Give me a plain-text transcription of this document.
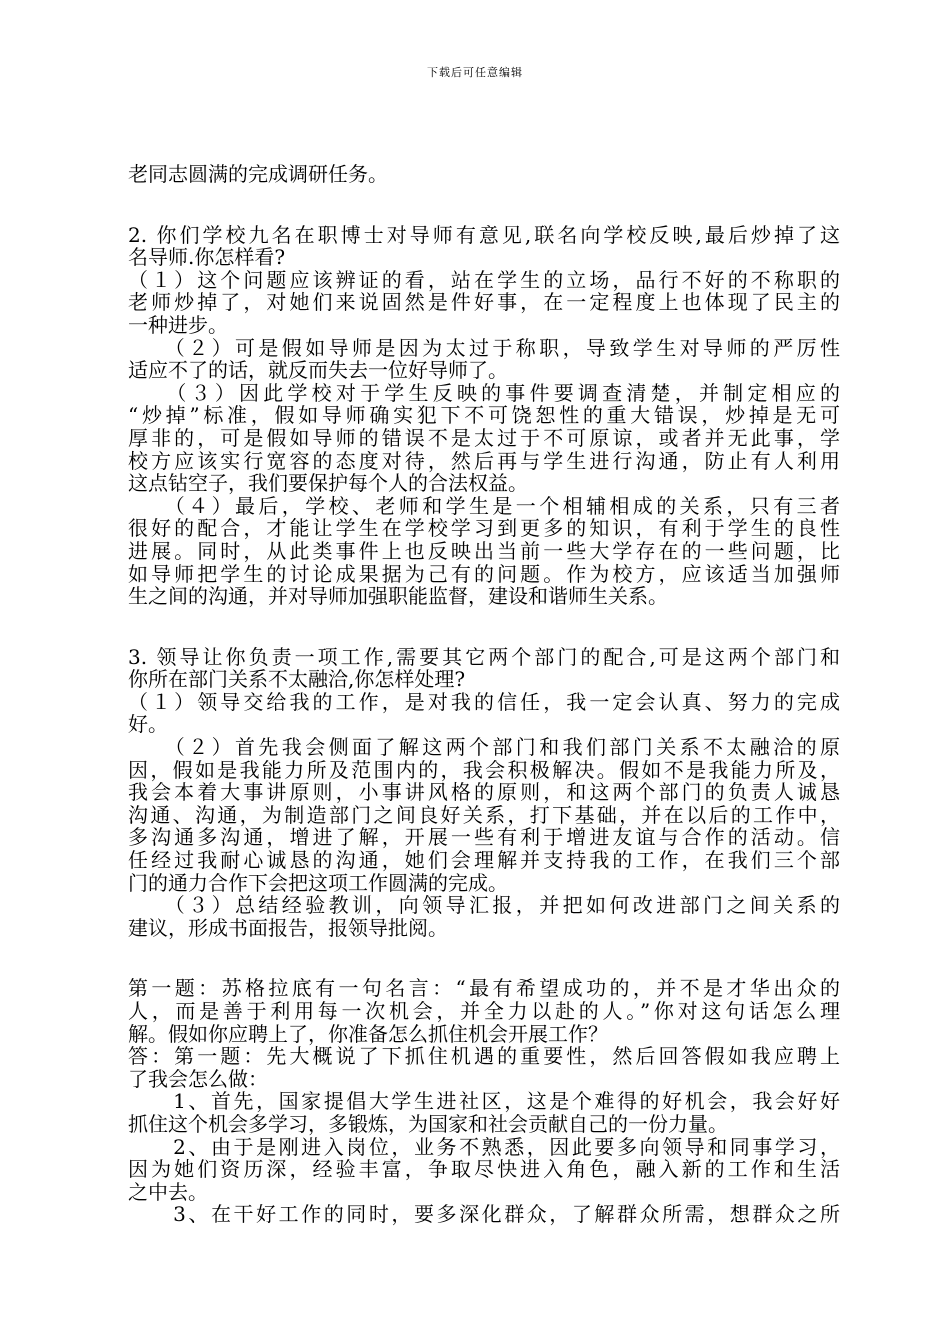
下载后可任意编辑
老同志圆满的完成调研任务。
2. 你们学校九名在职博士对导师有意见,联名向学校反映,最后炒掉了这
名导师.你怎样看?
（１）这个问题应该辨证的看，站在学生的立场，品行不好的不称职的
老师炒掉了，对她们来说固然是件好事，在一定程度上也体现了民主的
一种进步。
　　（２）可是假如导师是因为太过于称职，导致学生对导师的严厉性
适应不了的话，就反而失去一位好导师了。
　　（３）因此学校对于学生反映的事件要调查清楚，并制定相应的
“炒掉”标准，假如导师确实犯下不可饶恕性的重大错误，炒掉是无可
厚非的，可是假如导师的错误不是太过于不可原谅，或者并无此事，学
校方应该实行宽容的态度对待，然后再与学生进行沟通，防止有人利用
这点钻空子，我们要保护每个人的合法权益。
　　（４）最后，学校、老师和学生是一个相辅相成的关系，只有三者
很好的配合，才能让学生在学校学习到更多的知识，有利于学生的良性
进展。同时，从此类事件上也反映出当前一些大学存在的一些问题，比
如导师把学生的讨论成果据为己有的问题。作为校方，应该适当加强师
生之间的沟通，并对导师加强职能监督，建设和谐师生关系。
3. 领导让你负责一项工作,需要其它两个部门的配合,可是这两个部门和
你所在部门关系不太融洽,你怎样处理?
（１）领导交给我的工作，是对我的信任，我一定会认真、努力的完成
好。
　　（２）首先我会侧面了解这两个部门和我们部门关系不太融洽的原
因，假如是我能力所及范围内的，我会积极解决。假如不是我能力所及，
我会本着大事讲原则，小事讲风格的原则，和这两个部门的负责人诚恳
沟通、沟通，为制造部门之间良好关系，打下基础，并在以后的工作中，
多沟通多沟通，增进了解，开展一些有利于增进友谊与合作的活动。信
任经过我耐心诚恳的沟通，她们会理解并支持我的工作，在我们三个部
门的通力合作下会把这项工作圆满的完成。
　　（３）总结经验教训，向领导汇报，并把如何改进部门之间关系的
建议，形成书面报告，报领导批阅。
第一题：苏格拉底有一句名言：“最有希望成功的，并不是才华出众的
人，而是善于利用每一次机会，并全力以赴的人。”你对这句话怎么理
解。假如你应聘上了，你准备怎么抓住机会开展工作？
答：第一题：先大概说了下抓住机遇的重要性，然后回答假如我应聘上
了我会怎么做：
　　1、首先，国家提倡大学生进社区，这是个难得的好机会，我会好好
抓住这个机会多学习，多锻炼，为国家和社会贡献自己的一份力量。
　　2、由于是刚进入岗位，业务不熟悉，因此要多向领导和同事学习，
因为她们资历深，经验丰富，争取尽快进入角色，融入新的工作和生活
之中去。
　　3、在干好工作的同时，要多深化群众，了解群众所需，想群众之所
